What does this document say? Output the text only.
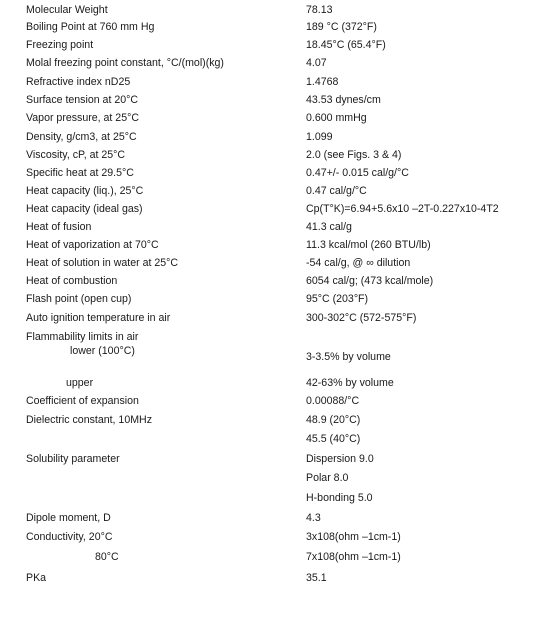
Molecular Weight	78.13
Boiling Point at 760 mm Hg	189 °C (372°F)
Freezing point	18.45°C (65.4°F)
Molal freezing point constant, °C/(mol)(kg)	4.07
Refractive index nD25	1.4768
Surface tension at 20°C	43.53 dynes/cm
Vapor pressure, at 25°C	0.600 mmHg
Density, g/cm3, at 25°C	1.099
Viscosity, cP, at 25°C	2.0 (see Figs. 3 & 4)
Specific heat at 29.5°C	0.47+/- 0.015 cal/g/°C
Heat capacity (liq.), 25°C	0.47 cal/g/°C
Heat capacity (ideal gas)	Cp(T°K)=6.94+5.6x10 –2T-0.227x10-4T2
Heat of fusion	41.3 cal/g
Heat of vaporization at 70°C	11.3 kcal/mol (260 BTU/lb)
Heat of solution in water at 25°C	-54 cal/g, @ ∞ dilution
Heat of combustion	6054 cal/g; (473 kcal/mole)
Flash point (open cup)	95°C (203°F)
Auto ignition temperature in air	300-302°C (572-575°F)
Flammability limits in air
lower (100°C)	3-3.5% by volume
upper	42-63% by volume
Coefficient of expansion	0.00088/°C
Dielectric constant, 10MHz	48.9 (20°C)
45.5 (40°C)
Solubility parameter	Dispersion 9.0
Polar 8.0
H-bonding 5.0
Dipole moment, D	4.3
Conductivity, 20°C	3x108(ohm –1cm-1)
80°C	7x108(ohm –1cm-1)
PKa	35.1
